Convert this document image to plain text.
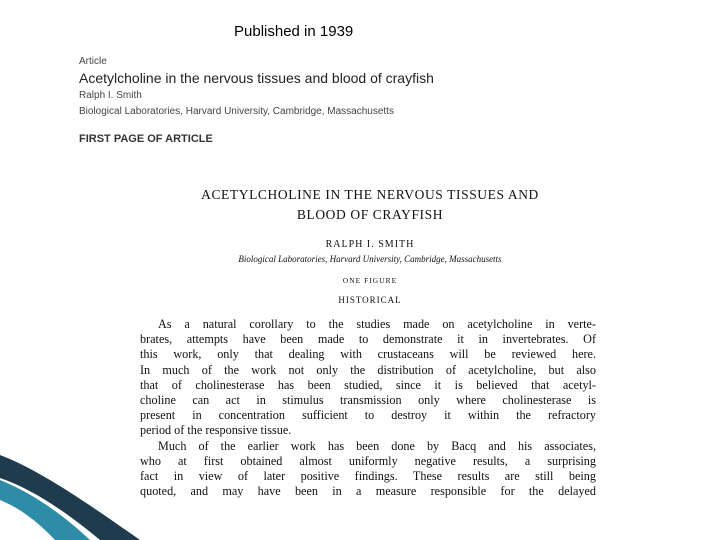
Published in 1939
Article
Acetylcholine in the nervous tissues and blood of crayfish
Ralph I. Smith
Biological Laboratories, Harvard University, Cambridge, Massachusetts
FIRST PAGE OF ARTICLE
ACETYLCHOLINE IN THE NERVOUS TISSUES AND
BLOOD OF CRAYFISH
RALPH I. SMITH
Biological Laboratories, Harvard University, Cambridge, Massachusetts
ONE FIGURE
HISTORICAL
As a natural corollary to the studies made on acetylcholine in verte-
brates, attempts have been made to demonstrate it in invertebrates. Of
this work, only that dealing with crustaceans will be reviewed here.
In much of the work not only the distribution of acetylcholine, but also
that of cholinesterase has been studied, since it is believed that acetyl-
choline can act in stimulus transmission only where cholinesterase is
present in concentration sufficient to destroy it within the refractory
period of the responsive tissue.
Much of the earlier work has been done by Bacq and his associates,
who at first obtained almost uniformly negative results, a surprising
fact in view of later positive findings. These results are still being
quoted, and may have been in a measure responsible for the delayed
